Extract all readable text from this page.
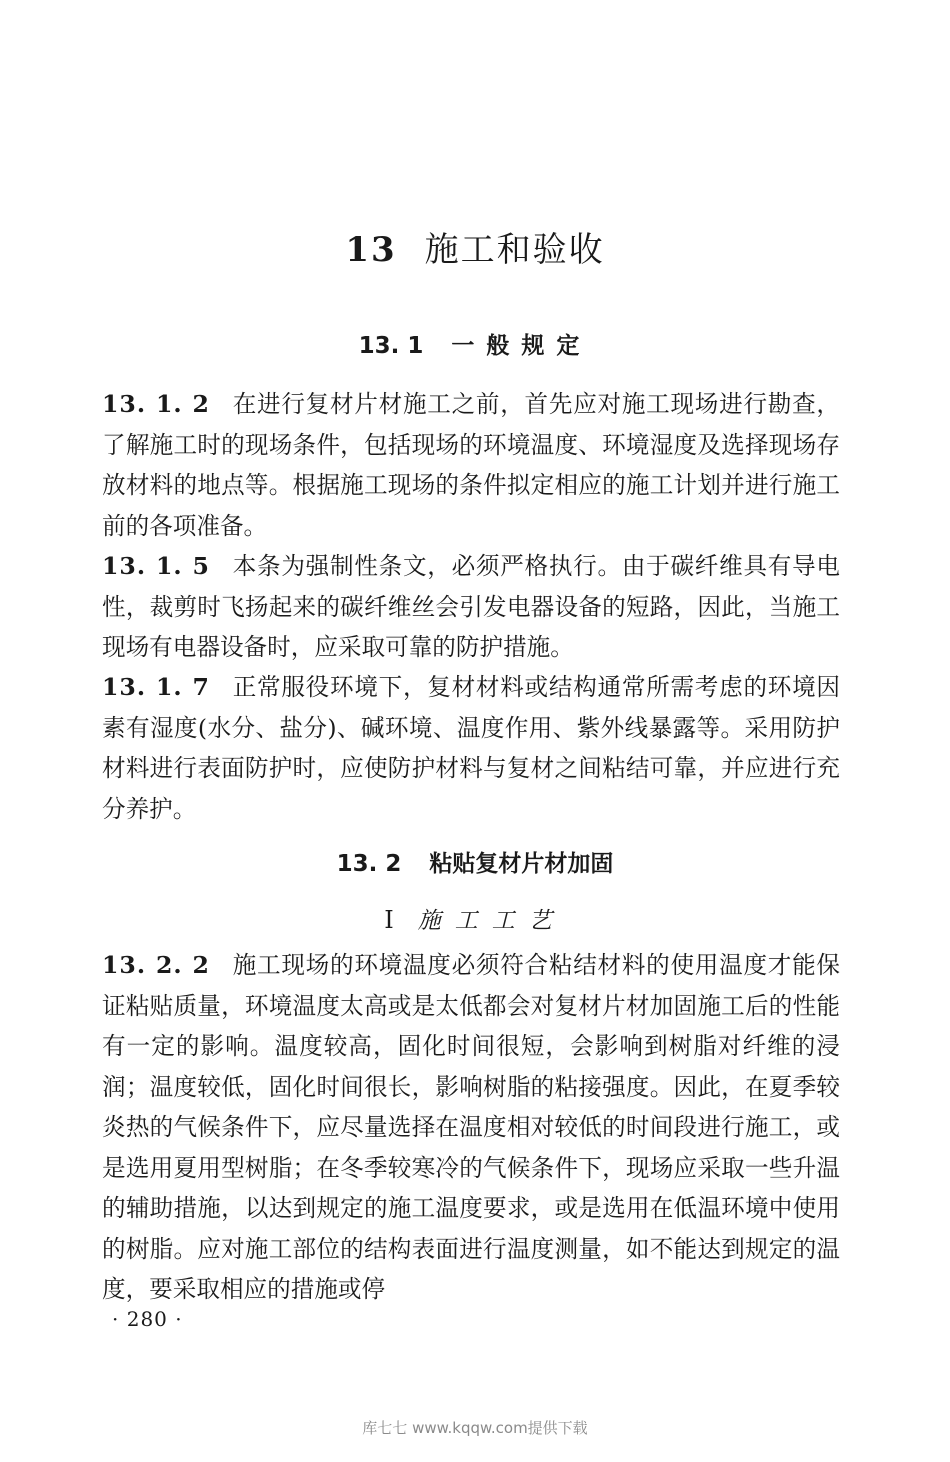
13 施工和验收
13. 1 一般规定

13. 1. 2 在进行复材片材施工之前，首先应对施工现场进行勘查，了解施工时的现场条件，包括现场的环境温度、环境湿度及选择现场存放材料的地点等。根据施工现场的条件拟定相应的施工计划并进行施工前的各项准备。

13. 1. 5 本条为强制性条文，必须严格执行。由于碳纤维具有导电性，裁剪时飞扬起来的碳纤维丝会引发电器设备的短路，因此，当施工现场有电器设备时，应采取可靠的防护措施。

13. 1. 7 正常服役环境下，复材材料或结构通常所需考虑的环境因素有湿度(水分、盐分)、碱环境、温度作用、紫外线暴露等。采用防护材料进行表面防护时，应使防护材料与复材之间粘结可靠，并应进行充分养护。

13. 2 粘贴复材片材加固
Ⅰ 施工工艺

13. 2. 2 施工现场的环境温度必须符合粘结材料的使用温度才能保证粘贴质量，环境温度太高或是太低都会对复材片材加固施工后的性能有一定的影响。温度较高，固化时间很短，会影响到树脂对纤维的浸润；温度较低，固化时间很长，影响树脂的粘接强度。因此，在夏季较炎热的气候条件下，应尽量选择在温度相对较低的时间段进行施工，或是选用夏用型树脂；在冬季较寒冷的气候条件下，现场应采取一些升温的辅助措施，以达到规定的施工温度要求，或是选用在低温环境中使用的树脂。应对施工部位的结构表面进行温度测量，如不能达到规定的温度，要采取相应的措施或停

· 280 ·
库七七 www.kqqw.com提供下载
